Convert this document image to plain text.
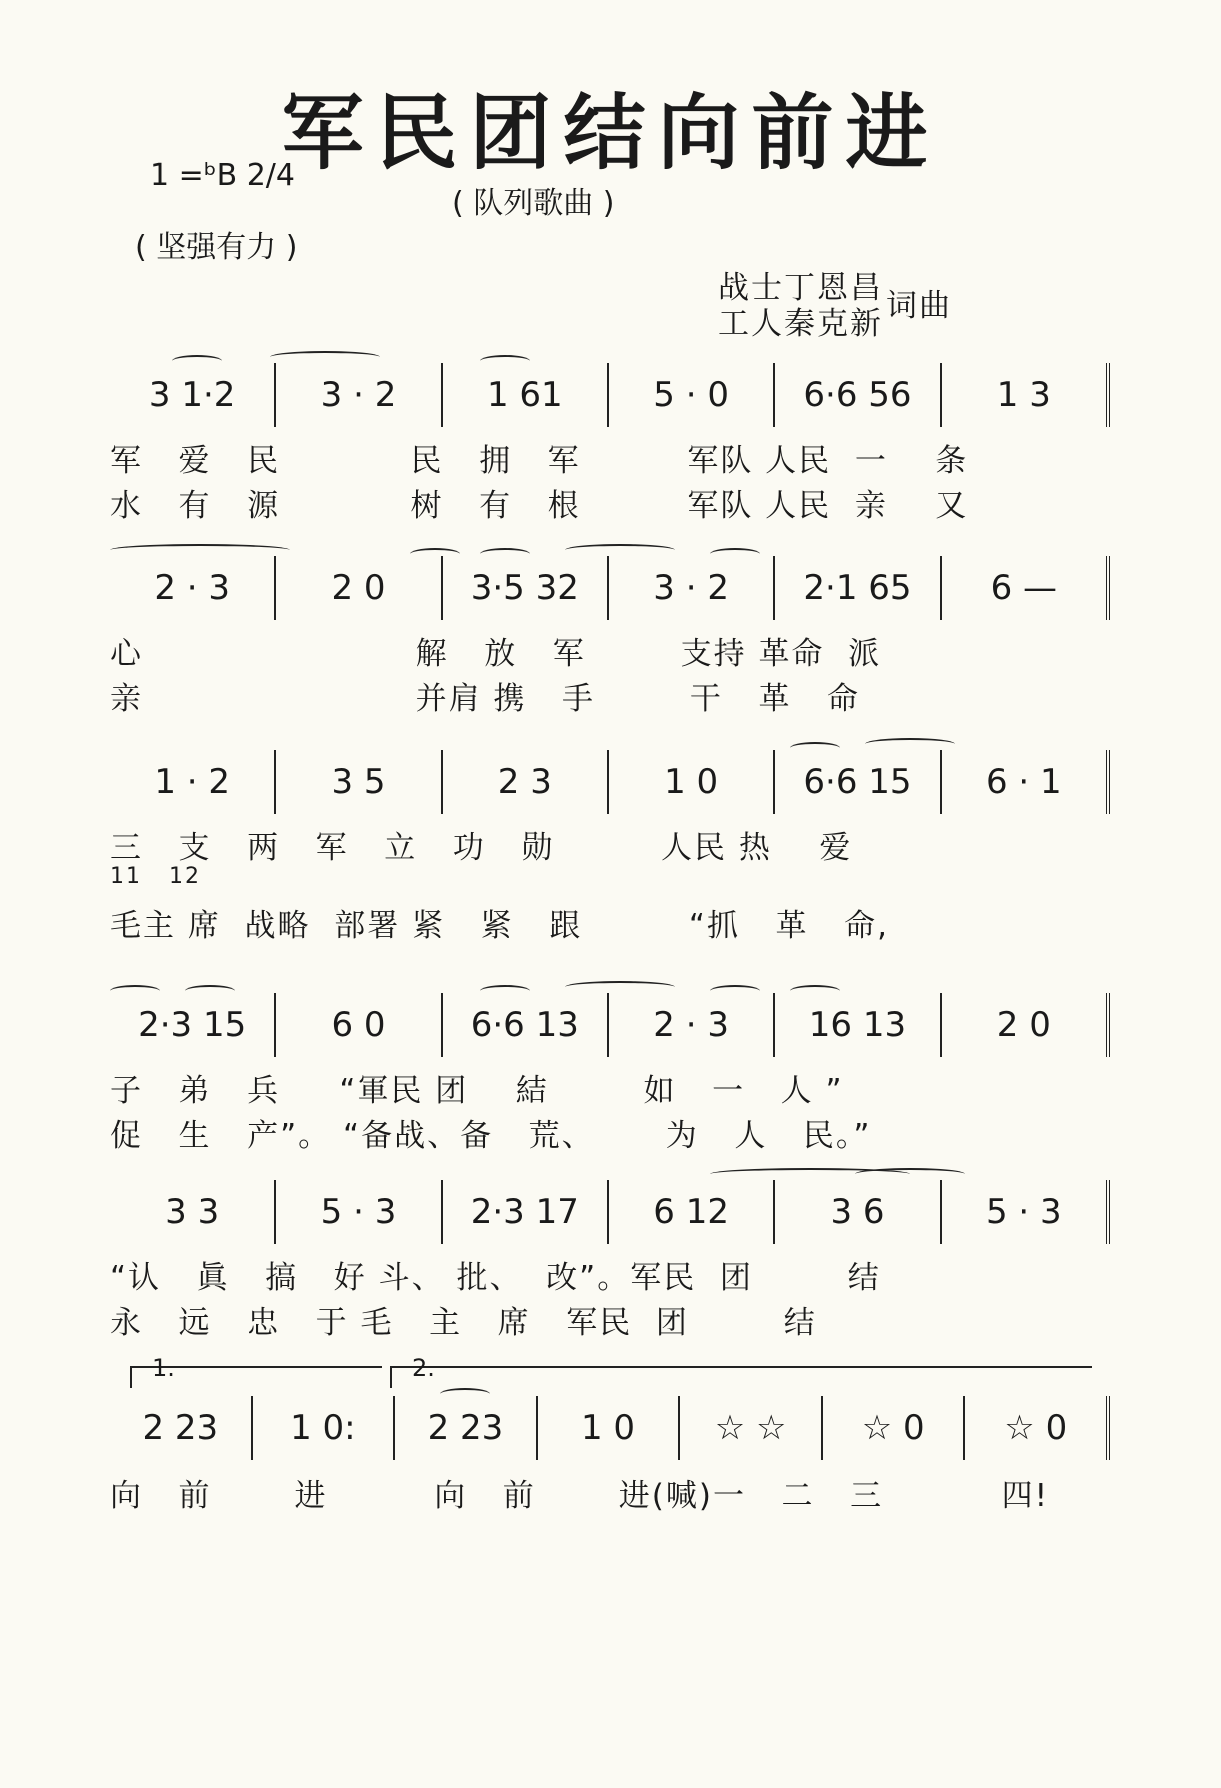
军民团结向前进
1 =ᵇB 2/4
( 队列歌曲 )
( 坚强有力 )
战士丁恩昌
工人秦克新 词曲
3 1·2	3 · 2	1 61	5 · 0	6·6 56	1 3
军   爱   民           民   拥   军         军队 人民  一    条
水   有   源           树   有   根         军队 人民  亲    又
2 · 3	2 0	3·5 32	3 · 2	2·1 65	6 —
心                       解   放   军        支持 革命  派
亲                       并肩 携   手        干   革   命
1 · 2	3 5	2 3	1 0	6·6 15	6 · 1
三   支   两   军   立   功   勋         人民 热    爱
11   12
毛主 席  战略  部署 紧   紧   跟         “抓   革   命,
2·3 15	6 0	6·6 13	2 · 3	16 13	2 0
子   弟   兵     “軍民 团    結        如   一   人 ”
促   生   产”。 “备战、备   荒、      为   人   民。”
3 3	5 · 3	2·3 17	6 12	3 6	5 · 3
“认   眞   搞   好 斗、 批、  改”。军民  团        结
永   远   忠   于 毛   主   席   军民  团        结
1.	2.
2 23	1 0:	2 23	1 0	☆ ☆	☆ 0	☆ 0
向   前       进         向   前       进(喊)一   二   三          四!
